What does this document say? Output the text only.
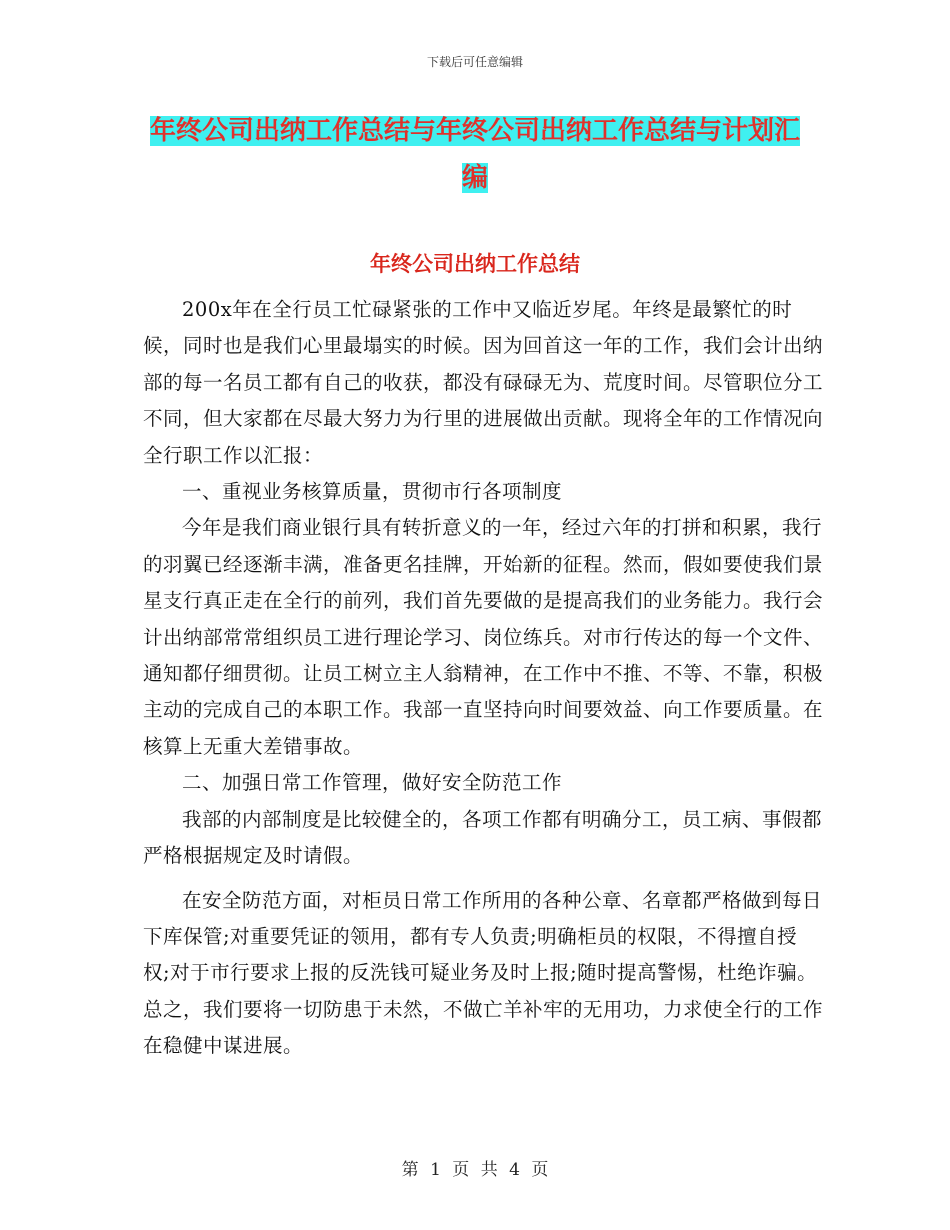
下载后可任意编辑
年终公司出纳工作总结与年终公司出纳工作总结与计划汇编
年终公司出纳工作总结

200x年在全行员工忙碌紧张的工作中又临近岁尾。年终是最繁忙的时候，同时也是我们心里最塌实的时候。因为回首这一年的工作，我们会计出纳部的每一名员工都有自己的收获，都没有碌碌无为、荒度时间。尽管职位分工不同，但大家都在尽最大努力为行里的进展做出贡献。现将全年的工作情况向全行职工作以汇报：

一、重视业务核算质量，贯彻市行各项制度

今年是我们商业银行具有转折意义的一年，经过六年的打拼和积累，我行的羽翼已经逐渐丰满，准备更名挂牌，开始新的征程。然而，假如要使我们景星支行真正走在全行的前列，我们首先要做的是提高我们的业务能力。我行会计出纳部常常组织员工进行理论学习、岗位练兵。对市行传达的每一个文件、通知都仔细贯彻。让员工树立主人翁精神，在工作中不推、不等、不靠，积极主动的完成自己的本职工作。我部一直坚持向时间要效益、向工作要质量。在核算上无重大差错事故。

二、加强日常工作管理，做好安全防范工作

我部的内部制度是比较健全的，各项工作都有明确分工，员工病、事假都严格根据规定及时请假。

在安全防范方面，对柜员日常工作所用的各种公章、名章都严格做到每日下库保管;对重要凭证的领用，都有专人负责;明确柜员的权限，不得擅自授权;对于市行要求上报的反洗钱可疑业务及时上报;随时提高警惕，杜绝诈骗。总之，我们要将一切防患于未然，不做亡羊补牢的无用功，力求使全行的工作在稳健中谋进展。

第 1 页 共 4 页
